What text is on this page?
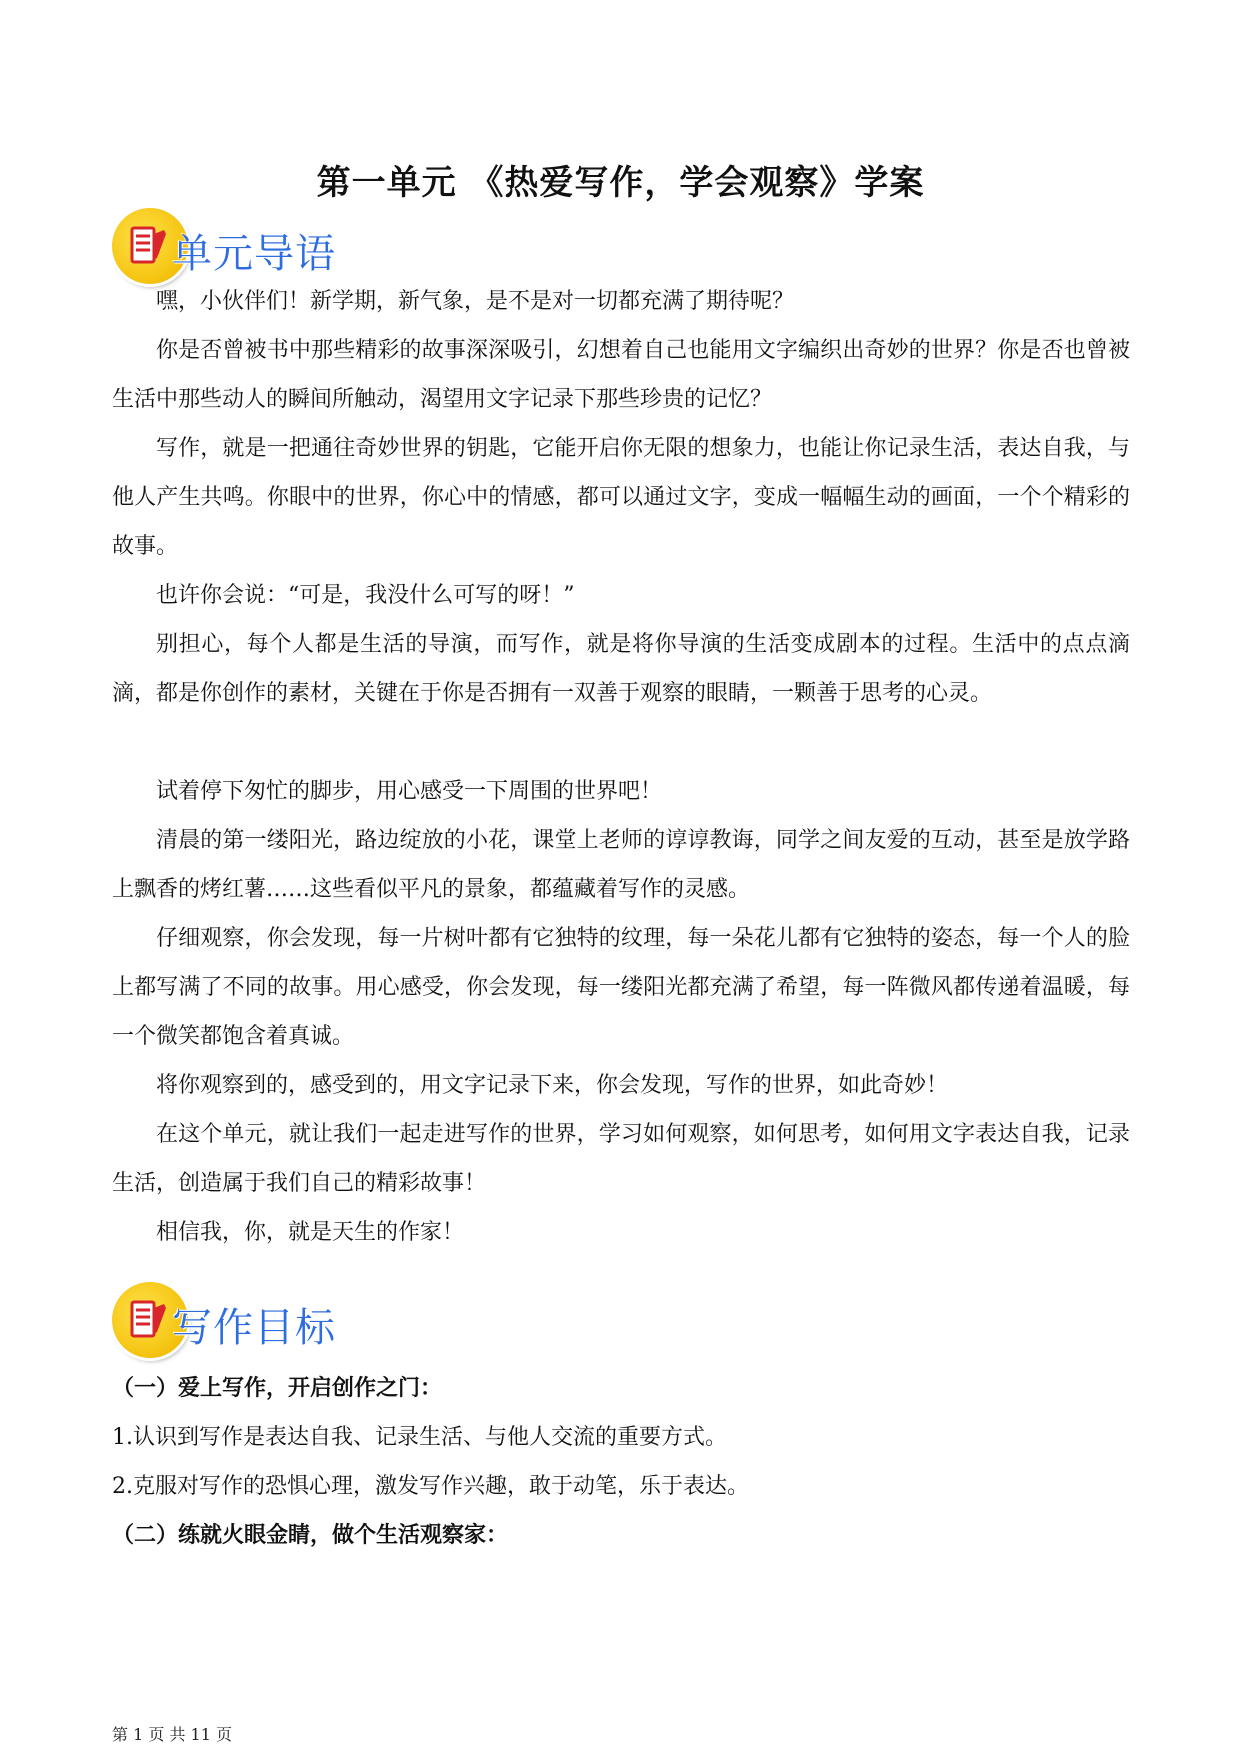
第一单元 《热爱写作，学会观察》学案
单元导语

嘿，小伙伴们！新学期，新气象，是不是对一切都充满了期待呢？

你是否曾被书中那些精彩的故事深深吸引，幻想着自己也能用文字编织出奇妙的世界？你是否也曾被生活中那些动人的瞬间所触动，渴望用文字记录下那些珍贵的记忆？

写作，就是一把通往奇妙世界的钥匙，它能开启你无限的想象力，也能让你记录生活，表达自我，与他人产生共鸣。你眼中的世界，你心中的情感，都可以通过文字，变成一幅幅生动的画面，一个个精彩的故事。

也许你会说：“可是，我没什么可写的呀！”

别担心，每个人都是生活的导演，而写作，就是将你导演的生活变成剧本的过程。生活中的点点滴滴，都是你创作的素材，关键在于你是否拥有一双善于观察的眼睛，一颗善于思考的心灵。

试着停下匆忙的脚步，用心感受一下周围的世界吧！

清晨的第一缕阳光，路边绽放的小花，课堂上老师的谆谆教诲，同学之间友爱的互动，甚至是放学路上飘香的烤红薯……这些看似平凡的景象，都蕴藏着写作的灵感。

仔细观察，你会发现，每一片树叶都有它独特的纹理，每一朵花儿都有它独特的姿态，每一个人的脸上都写满了不同的故事。用心感受，你会发现，每一缕阳光都充满了希望，每一阵微风都传递着温暖，每一个微笑都饱含着真诚。

将你观察到的，感受到的，用文字记录下来，你会发现，写作的世界，如此奇妙！

在这个单元，就让我们一起走进写作的世界，学习如何观察，如何思考，如何用文字表达自我，记录生活，创造属于我们自己的精彩故事！

相信我，你，就是天生的作家！

写作目标

（一）爱上写作，开启创作之门：

1.认识到写作是表达自我、记录生活、与他人交流的重要方式。

2.克服对写作的恐惧心理，激发写作兴趣，敢于动笔，乐于表达。

（二）练就火眼金睛，做个生活观察家：

第 1 页 共 11 页
